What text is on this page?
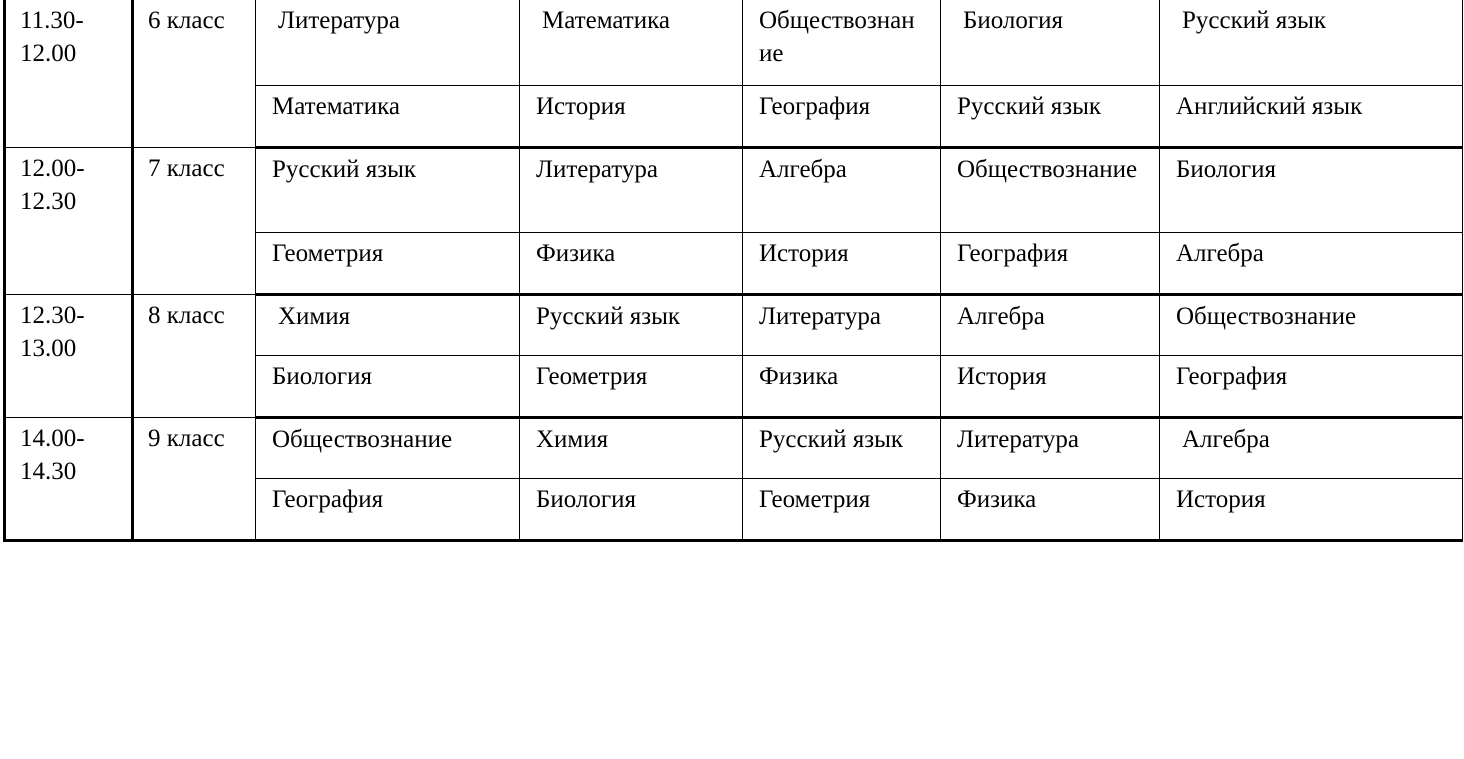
11.30-12.00	6 класс	Литература	Математика	Обществознание	Биология	Русский язык
		Математика	История	География	Русский язык	Английский язык
12.00-12.30	7 класс	Русский язык	Литература	Алгебра	Обществознание	Биология
		Геометрия	Физика	История	География	Алгебра
12.30-13.00	8 класс	Химия	Русский язык	Литература	Алгебра	Обществознание
		Биология	Геометрия	Физика	История	География
14.00-14.30	9 класс	Обществознание	Химия	Русский язык	Литература	Алгебра
		География	Биология	Геометрия	Физика	История
